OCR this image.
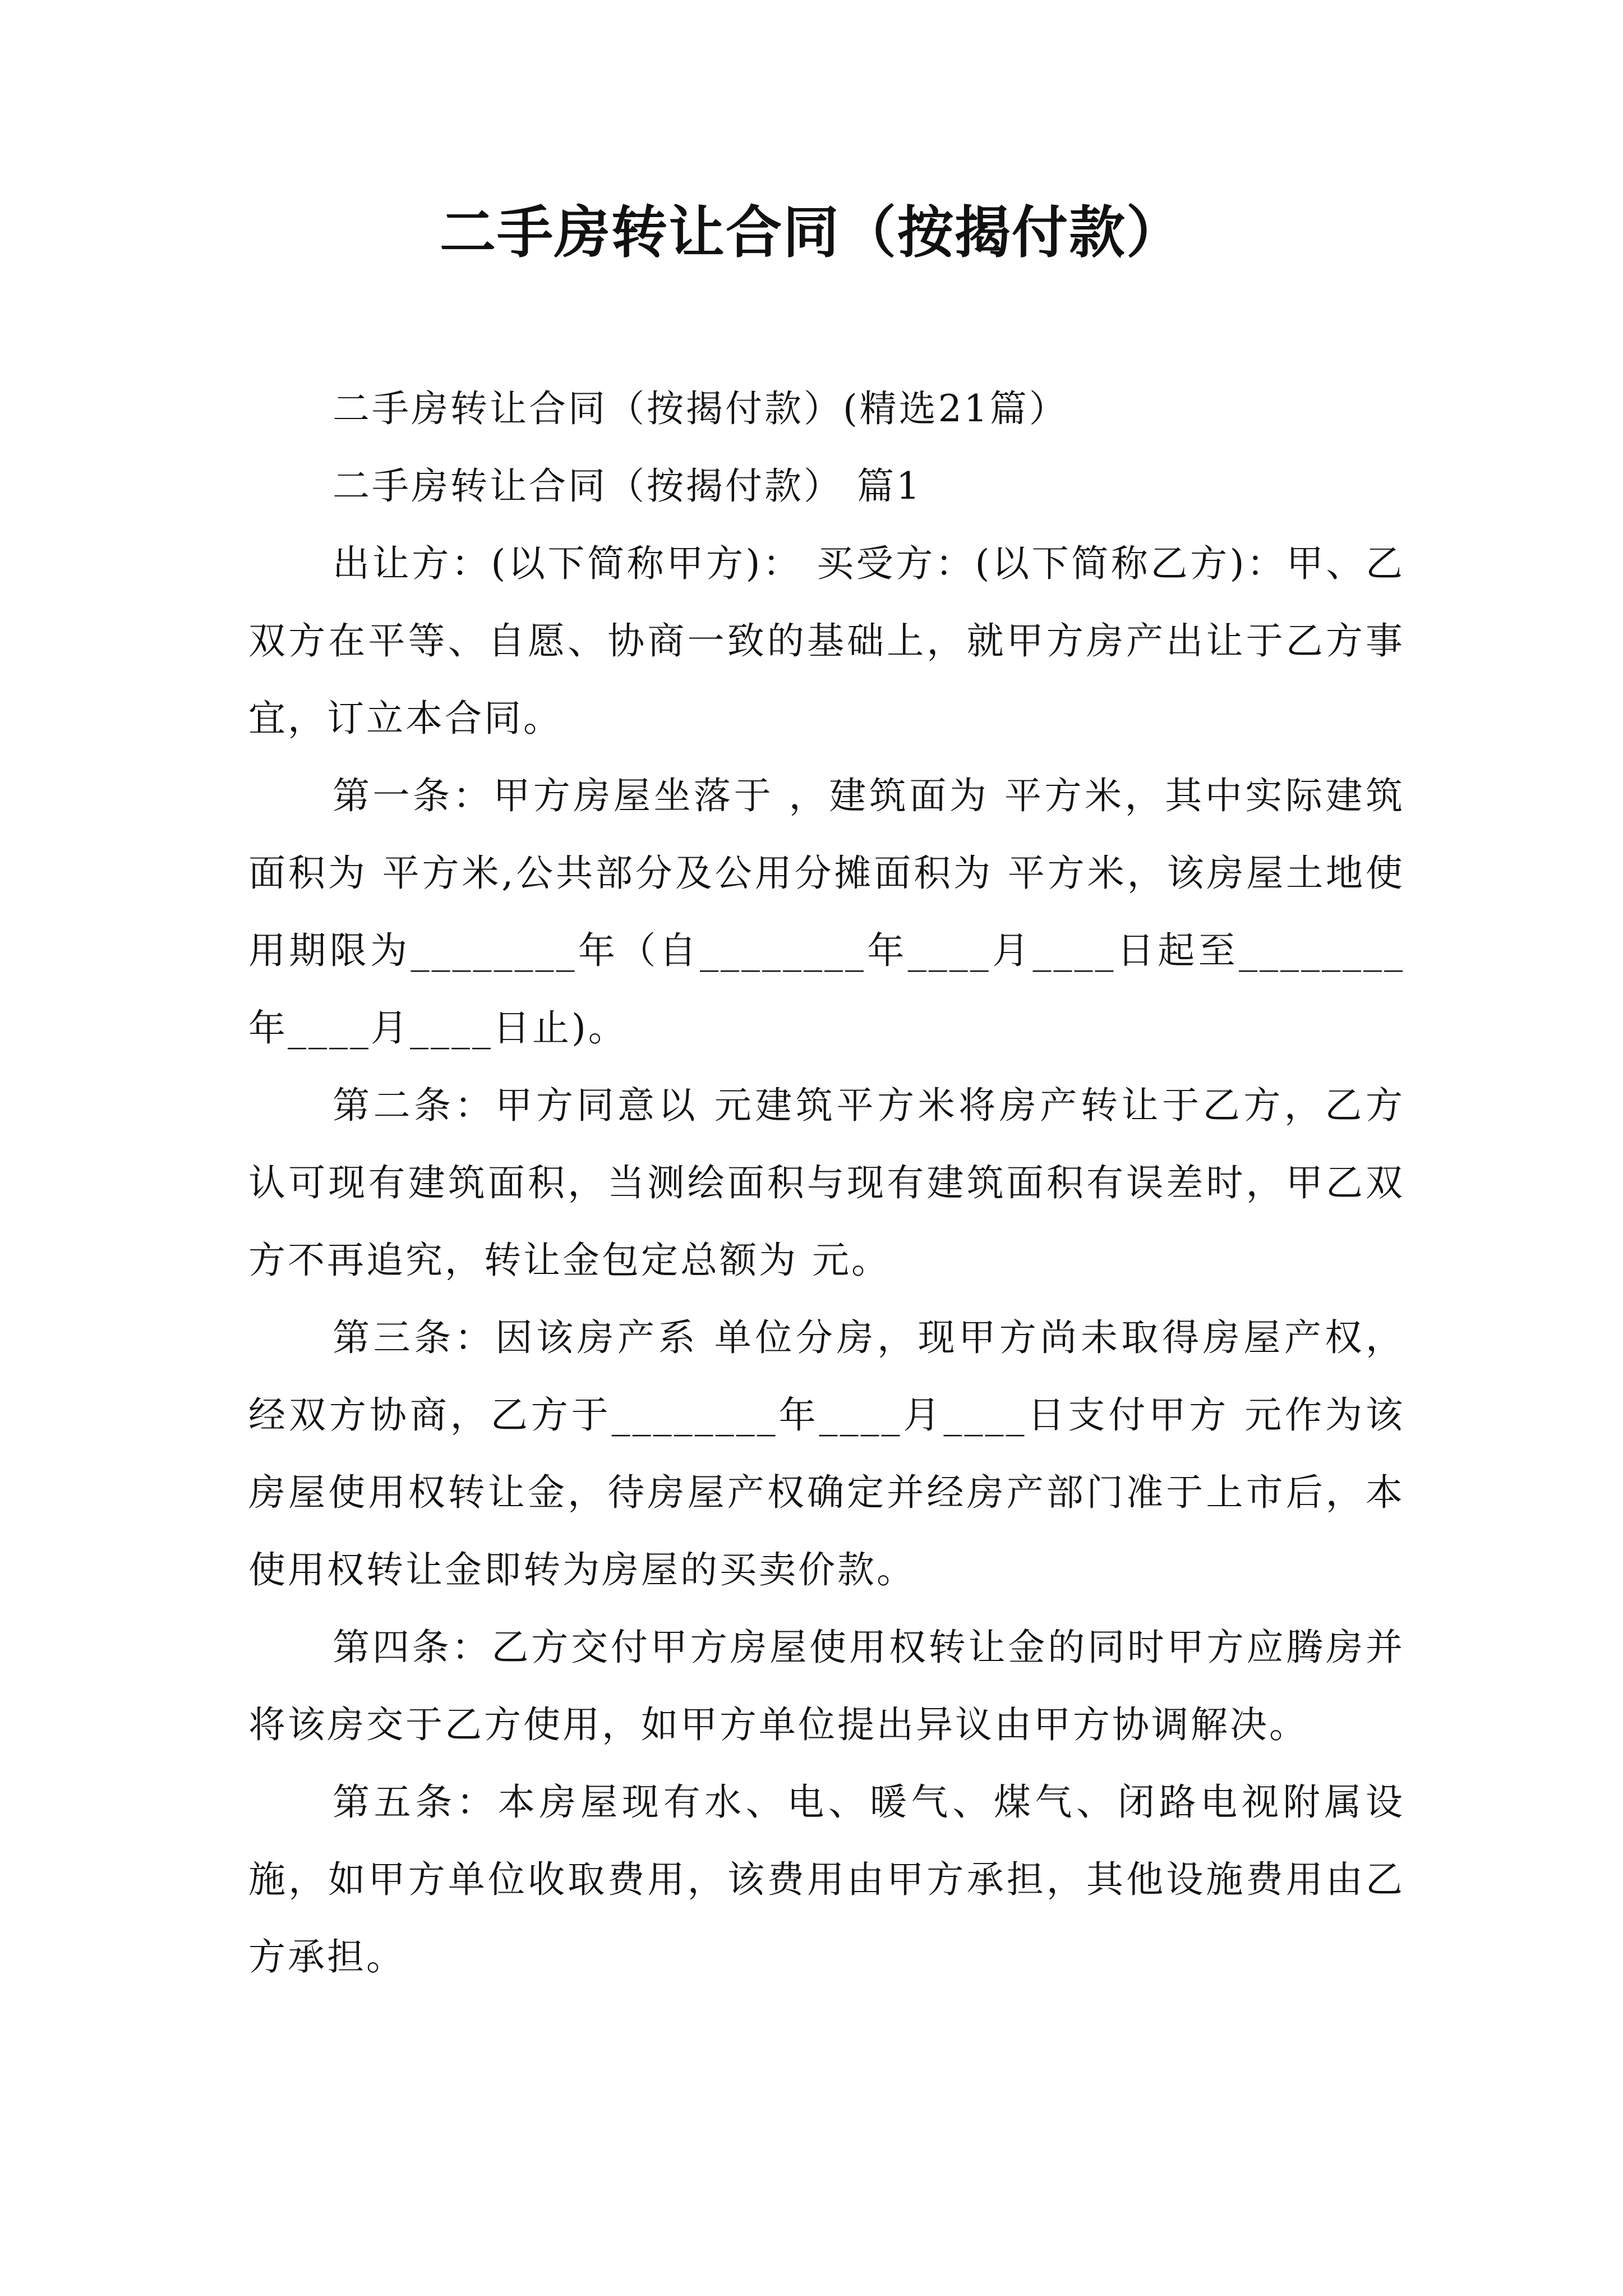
二手房转让合同（按揭付款）

二手房转让合同（按揭付款）(精选21篇）

二手房转让合同（按揭付款） 篇1

出让方：(以下简称甲方)： 买受方：(以下简称乙方)：甲、乙双方在平等、自愿、协商一致的基础上，就甲方房产出让于乙方事宜，订立本合同。

第一条：甲方房屋坐落于 ，建筑面为 平方米，其中实际建筑面积为 平方米,公共部分及公用分摊面积为 平方米，该房屋土地使用期限为________年（自________年____月____日起至________年____月____日止)。

第二条：甲方同意以 元建筑平方米将房产转让于乙方，乙方认可现有建筑面积，当测绘面积与现有建筑面积有误差时，甲乙双方不再追究，转让金包定总额为 元。

第三条：因该房产系 单位分房，现甲方尚未取得房屋产权，经双方协商，乙方于________年____月____日支付甲方 元作为该房屋使用权转让金，待房屋产权确定并经房产部门准于上市后，本使用权转让金即转为房屋的买卖价款。

第四条：乙方交付甲方房屋使用权转让金的同时甲方应腾房并将该房交于乙方使用，如甲方单位提出异议由甲方协调解决。

第五条：本房屋现有水、电、暖气、煤气、闭路电视附属设施，如甲方单位收取费用，该费用由甲方承担，其他设施费用由乙方承担。
